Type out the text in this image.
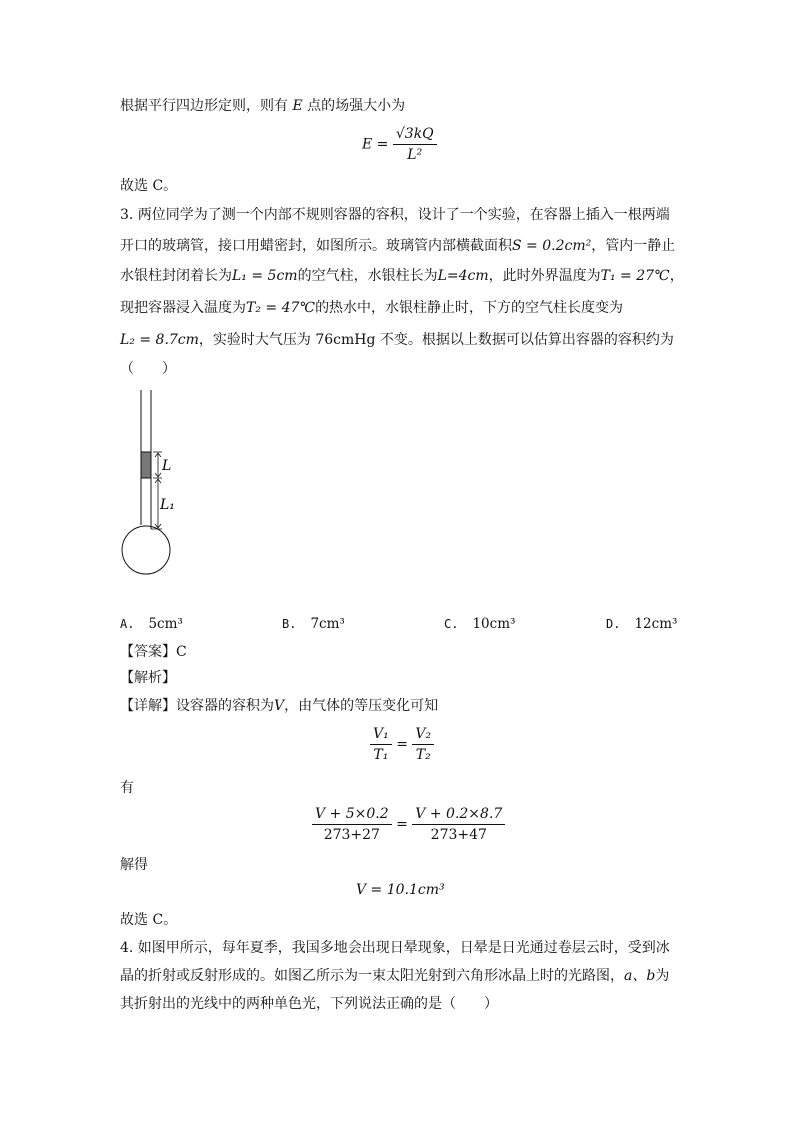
根据平行四边形定则，则有 E 点的场强大小为
$E = \frac{√3kQ}{\text{L²}}$
故选 C。
3. 两位同学为了测一个内部不规则容器的容积，设计了一个实验，在容器上插入一根两端
开口的玻璃管，接口用蜡密封，如图所示。玻璃管内部横截面积S = 0.2cm²，管内一静止
水银柱封闭着长为L₁ = 5cm的空气柱，水银柱长为L=4cm，此时外界温度为T₁ = 27℃，
现把容器浸入温度为T₂ = 47℃的热水中，水银柱静止时，下方的空气柱长度变为
L₂ = 8.7cm，实验时大气压为 76cmHg 不变。根据以上数据可以估算出容器的容积约为
（　　）
L
L₁
A. 5cm³	B. 7cm³	C. 10cm³	D. 12cm³
【答案】C
【解析】
【详解】设容器的容积为V，由气体的等压变化可知
$\frac{\text{V₁}}{\text{T₁}} = \frac{\text{V₂}}{\text{T₂}}$
有
$\frac{V + 5\times 0.2}{273+27} = \frac{V + 0.2\times 8.7}{273+47}$
解得
V = 10.1cm³
故选 C。
4. 如图甲所示，每年夏季，我国多地会出现日晕现象，日晕是日光通过卷层云时，受到冰
晶的折射或反射形成的。如图乙所示为一束太阳光射到六角形冰晶上时的光路图，a、b为
其折射出的光线中的两种单色光，下列说法正确的是（　　）
